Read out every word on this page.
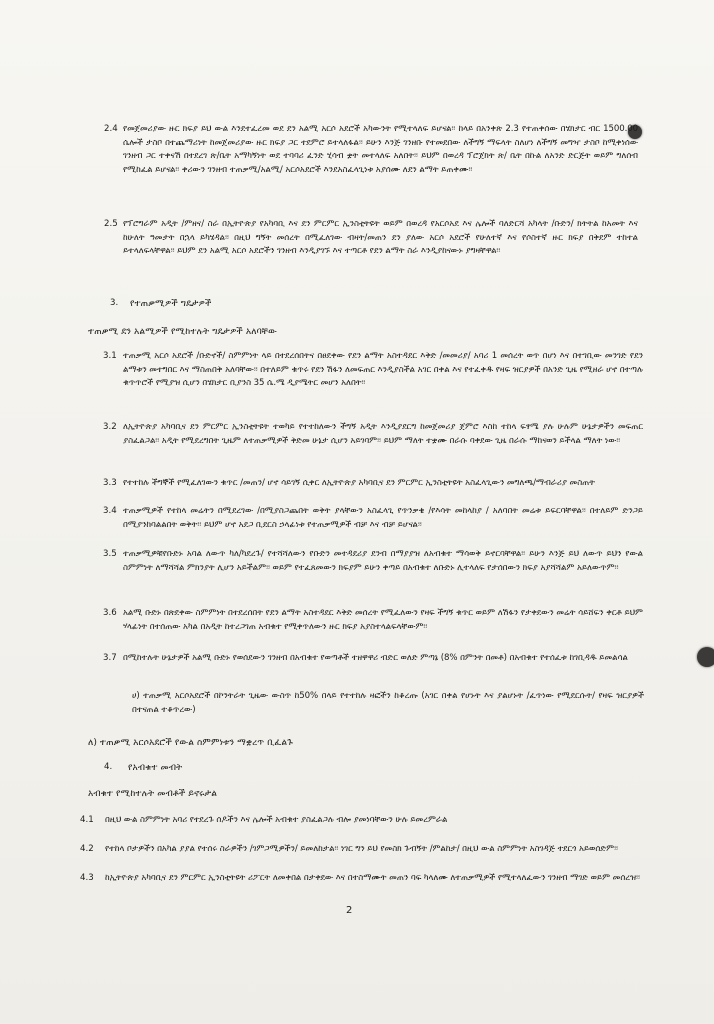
2.4 የመጀመሪያው ዙር ክፍያ ይህ ውል እንደተፈረመ ወደ ደን አልሚ አርሶ አደሮች አካውንት የሚተላለፍ ይሆናል፡፡ ከላይ በአንቀጽ 2.3 የተጠቀሰው በሄክታር ብር 1500.00 ሴሎች ታስቦ በተጨማሪነት ከመጀመሪያው ዙር ክፍያ ጋር ተደምሮ ይተላለፋል፡፡ ይሁን እንጅ ገንዘቡ የተመደበው ለችግኝ ማፍላት ስለሆነ ለችግኝ መግዣ ታስቦ ከሚቀነሰው ገንዘብ ጋር ተቀናሽ በተደረገ ጽ/ቤት አማካኝነት ወደ ተባባሪ ፈንድ ሂሳብ ቋት መተላለፍ አለበት፡፡ ይህም በወረዳ ፕሮጀክት ጽ/ ቤት በኩል ለአንድ ድርጅት ወይም ግለሰብ የሚከፈል ይሆናል፡፡ ቀሪውን ገንዘብ ተጠቃሚ/አልሚ/ አርሶአደሮች እንደአስፈላጊነቱ አያሰሙ ለደን ልማት ይጠቀሙ፡፡
2.5 የፕሮግራም አዲት /ምዘና/ ስራ በኢትዮጵያ የአካባቢ እና ደን ምርምር ኢንስቲትዩት ወይም በወረዳ የአርሶአደ እና ሌሎች ባለድርሻ አካላት /ቡድን/ ክትትል ከአመት እና ከሁለት ዓመታት በኋላ ይካሄዳል፡፡ በዚህ ግኝት መሰረት በሚፈለገው ብዛት/መጠን ደን ያለው አርሶ አደሮች የሁለተኛ እና የሶስተኛ ዙር ክፍያ በቅደም ተከተል ይተላለፍላቸዋል፡፡ ይህም ደን አልሚ አርሶ አደሮችን ገንዘብ እንዲያገኙ እና ተጣርቶ የደን ልማት ስራ እንዲያከናውኑ ያግዛቸዋል፡፡
3. የተጠቃሚዎች ግዴታዎች
ተጠቃሚ ደን አልሚዎች የሚከተሉት ግዴታዎች አለባቸው
3.1 ተጠቃሚ አርሶ አደሮች /ቡድኖች/ ስምምነት ላይ በተደረሰበትና በፀደቀው የደን ልማት አስተዳደር እቅድ /መመሪያ/ አባሪ 1 መሰረት ወጥ በሆነ እና በተገቢው መንገድ የደን ልማቱን መተግበር እና ማስጠበቅ አለባቸው፡፡ በተለይም ቁጥሩ የደን ሽፋን ለመፍጠር እንዲያስችል አገር በቀል እና የተፈቀዱ የዛፍ ዝርያዎች በአንድ ጊዜ የሚዘራ ሆኖ በተጣሉ ቁጥጥሮች የሚያዝ ሲሆን በሄክታር ቢያንስ 35 ሴ.ሜ ዲያሜትር መሆን አለበት፡፡
3.2 ለኢትዮጵያ አካባቢና ደን ምርምር ኢንስቲትዩት ተወካይ የተተከለውን ችግኝ አዲት እንዲያደርግ ከመጀመሪያ ጀምሮ እስከ ተከላ ፍፃሜ ያሉ ሁሉም ሁኔታዎችን መፍጠር ያስፈልጋል፡፡ አዲት የሚደረግበት ጊዜም ለተጠቃሚዎች ቅድመ ሁኔታ ሲሆን አይገባም፡፡ ይህም ማለት ተቋሙ በራሱ ባቀደው ጊዜ በራሱ ማከናወን ይችላል ማለት ነው፡፡
3.3 የተተከሉ ችግኞች የሚፈለገውን ቁጥር /መጠን/ ሆኖ ሳይገኝ ሲቀር ለኢትዮጵያ አካባቢና ደን ምርምር ኢንስቲትዩት አስፈላጊውን መግለጫ/ማብራሪያ መስጠት
3.4 ተጠቃሚዎች የተከላ መሬትን በሚደረገው /በሚያስጋጨበት ወቅት ያላቸውን አስፈላጊ የጥንቃቄ /የእሳት መከላከያ / አለባበት መሬቱ ይፍርባቸዋል፡፡ በተለይም ድንጋይ በሚያንከባልልበት ወቅት፡፡ ይህም ሆኖ አደጋ ቢደርስ ኃላፊነቱ የተጠቃሚዎች ብቻ እና ብቻ ይሆናል፡፡
3.5 ተጠቃሚዎቹየቡድኑ አባል ለውጥ ካለ/ካደረጉ/ የተሻሻለውን የቡድን መተዳደሪያ ደንብ በማያያዝ ለአብቁተ ማሳወቅ ይኖርባቸዋል፡፡ ይሁን እንጅ ይህ ለውጥ ይህን የውል ስምምነት ለማሻሻል ምክንያት ሊሆን አይችልም፡፡ ወይም የተፈጸመውን ክፍያም ይሁን ቀጣይ በአብቁተ ለቡድኑ ሊተላለፍ የታሰበውን ክፍያ አያሻሻልም አይለውጥም፡፡
3.6 አልሚ ቡድኑ በጽደቀው ስምምነት በተደረሰበት የደን ልማት አስተዳደር እቅድ መሰረት የሚፈለውን የዛፍ ችግኝ ቁጥር ወይም ለሽፋን የታቀደውን መሬት ሳይሸፍን ቀርቶ ይህም ሃላፊነት በተሰጠው አካል በአዲት ከተረጋገጠ አብቁተ የሚቀጥለውን ዙር ክፍያ አያስተላልፍላቸውም፡፡
3.7 በሚከተሉት ሁኔታዎች አልሚ ቡድኑ የወሰደውን ገንዘብ በአብቁተ የወጣቶች ተዘዋዋሪ ብድር ወለድ ምጣኔ (8% በምንት በመቶ) በአብቁተ የተሰፈቱ ከገቢዳዱ ይመልሳል
ሀ) ተጠቃሚ አርሶአደሮች በኮንትራት ጊዜው ውስጥ ከ50% በላይ የተተከሉ ዛፎችን ከቆረጡ (አገር በቀል የሆኑት እና ያልሆኑት /ፈጥነው የሚደርሱት/ የዛፍ ዝርያዎች በተናጠል ተቆጥረው)
ለ) ተጠቃሚ አርሶአደሮች የውል ስምምነቱን ማቋረጥ ቢፈልጉ
4. የአብቁተ መብት
አብቁተ የሚከተሉት መብቶች ይኖሩታል
4.1 በዚህ ውል ስምምነት አባሪ የተደረጉ ሰዶችን እና ሌሎች አብቁተ ያስፈልጋሉ ብሎ ያመነባቸውን ሁሉ ይመረምራል
4.2 የተከላ ቦታዎችን በአካል ያያል የተሰሩ ስራዎችን /ገምጋሚዎችን/ ይመለከታል፡፡ ነገር ግን ይህ የመስክ ጉብኝት /ምልከታ/ በዚህ ውል ስምምነት አስገዳጅ ተደርጎ አይወሰድም፡፡
4.3 ከኢትዮጵያ አካባቢና ደን ምርምር ኢንስቲትዩት ሪፖርት ለመቀበል በታቀደው እና በተስማሙት መጠን ባፍ ካላለሙ ለተጠቃሚዎች የሚተላለፈውን ገንዘብ ማገድ ወይም መሰረዝ፡፡
2
